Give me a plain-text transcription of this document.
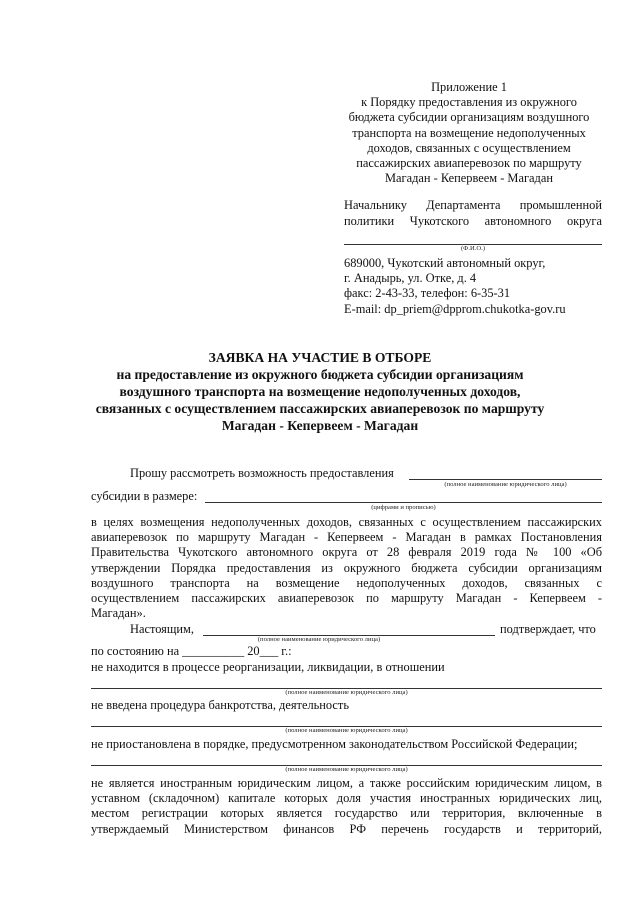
Приложение 1
к Порядку предоставления из окружного
бюджета субсидии организациям воздушного
транспорта на возмещение недополученных
доходов, связанных с осуществлением
пассажирских авиаперевозок по маршруту
Магадан - Кепервеем - Магадан
Начальнику Департамента промышленной
политики Чукотского автономного округа
(Ф.И.О.)
689000, Чукотский автономный округ,
г. Анадырь, ул. Отке, д. 4
факс: 2-43-33, телефон: 6-35-31
E-mail: dp_priem@dpprom.chukotka-gov.ru
ЗАЯВКА НА УЧАСТИЕ В ОТБОРЕ
на предоставление из окружного бюджета субсидии организациям
воздушного транспорта на возмещение недополученных доходов,
связанных с осуществлением пассажирских авиаперевозок по маршруту
Магадан - Кепервеем - Магадан
Прошу рассмотреть возможность предоставления
(полное наименование юридического лица)
субсидии в размере:
(цифрами и прописью)
в целях возмещения недополученных доходов, связанных с осуществлением пассажирских
авиаперевозок по маршруту Магадан - Кепервеем - Магадан в рамках Постановления
Правительства Чукотского автономного округа от 28 февраля 2019 года № 100 «Об
утверждении Порядка предоставления из окружного бюджета субсидии организациям
воздушного транспорта на возмещение недополученных доходов, связанных с
осуществлением пассажирских авиаперевозок по маршруту Магадан - Кепервеем -
Магадан».
Настоящим,
(полное наименование юридического лица)
подтверждает, что
по состоянию на __________ 20___ г.:
не находится в процессе реорганизации, ликвидации, в отношении
(полное наименование юридического лица)
не введена процедура банкротства, деятельность
(полное наименование юридического лица)
не приостановлена в порядке, предусмотренном законодательством Российской Федерации;
(полное наименование юридического лица)
не является иностранным юридическим лицом, а также российским юридическим лицом, в
уставном (складочном) капитале которых доля участия иностранных юридических лиц,
местом регистрации которых является государство или территория, включенные в
утверждаемый Министерством финансов РФ перечень государств и территорий,
